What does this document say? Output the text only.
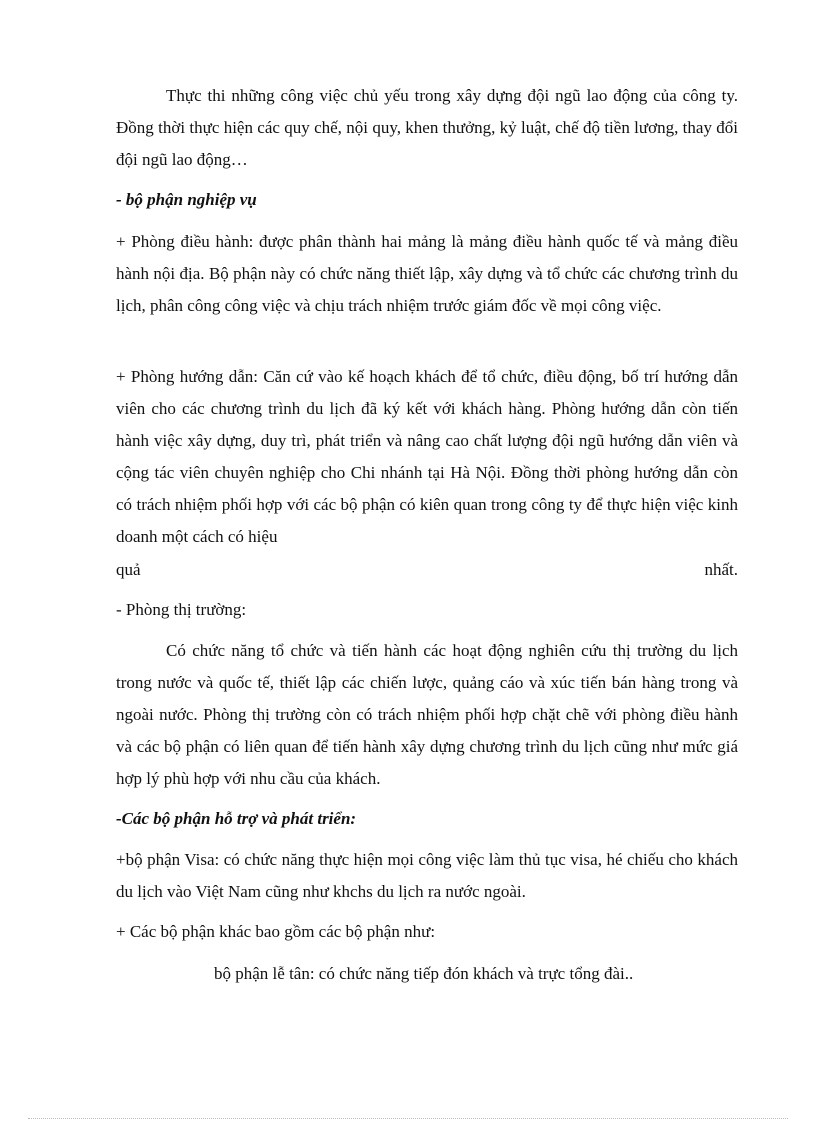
Thực thi những công việc chủ yếu trong xây dựng đội ngũ lao động của công ty. Đồng thời thực hiện các quy chế, nội quy, khen thưởng, kỷ luật, chế độ tiền lương, thay đổi đội ngũ lao động…

- bộ phận nghiệp vụ

+ Phòng điều hành: được phân thành hai mảng là mảng điều hành quốc tế và mảng điều hành nội địa. Bộ phận này có chức năng thiết lập, xây dựng và tổ chức các chương trình du lịch, phân công công việc và chịu trách nhiệm trước giám đốc về mọi công việc.

+ Phòng hướng dẫn: Căn cứ vào kế hoạch khách để tổ chức, điều động, bố trí hướng dẫn viên cho các chương trình du lịch đã ký kết với khách hàng. Phòng hướng dẫn còn tiến hành việc xây dựng, duy trì, phát triển và nâng cao chất lượng đội ngũ hướng dẫn viên và cộng tác viên chuyên nghiệp cho Chi nhánh tại Hà Nội. Đồng thời phòng hướng dẫn còn có trách nhiệm phối hợp với các bộ phận có kiên quan trong công ty để thực hiện việc kinh doanh một cách có hiệu

quả	nhất.

- Phòng thị trường:

Có chức năng tổ chức và tiến hành các hoạt động nghiên cứu thị trường du lịch trong nước và quốc tế, thiết lập các chiến lược, quảng cáo và xúc tiến bán hàng trong và ngoài nước. Phòng thị trường còn có trách nhiệm phối hợp chặt chẽ với phòng điều hành và các bộ phận có liên quan để tiến hành xây dựng chương trình du lịch cũng như mức giá hợp lý phù hợp với nhu cầu của khách.

-Các bộ phận hỗ trợ và phát triển:

+bộ phận Visa: có chức năng thực hiện mọi công việc làm thủ tục visa, hé chiếu cho khách du lịch vào Việt Nam cũng như khchs du lịch ra nước ngoài.

+ Các bộ phận khác bao gồm các bộ phận như:

bộ phận lễ tân: có chức năng tiếp đón khách và trực tổng đài..
